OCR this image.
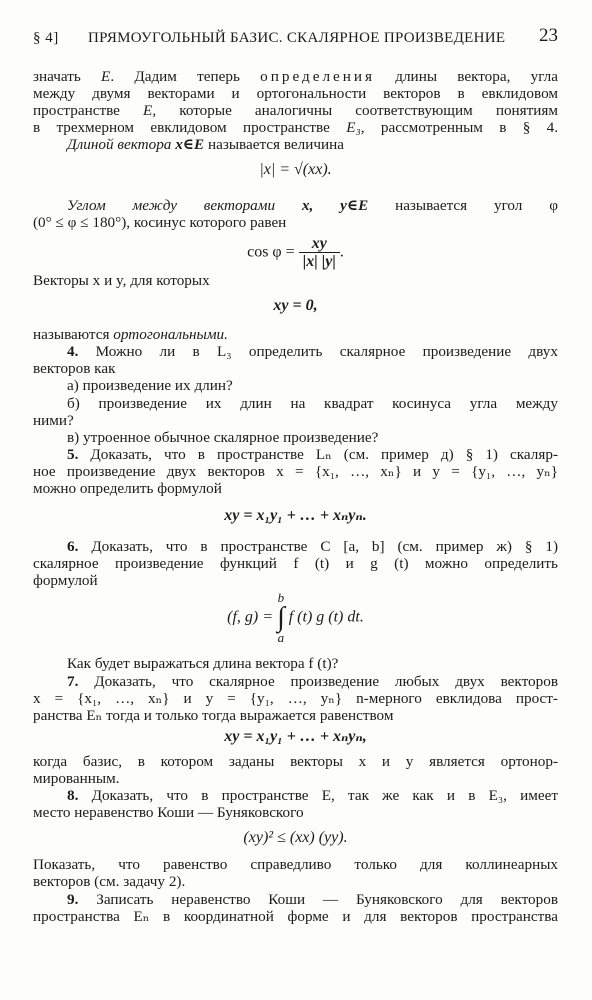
§ 4] ПРЯМОУГОЛЬНЫЙ БАЗИС. СКАЛЯРНОЕ ПРОИЗВЕДЕНИЕ 23

значать E. Дадим теперь определения длины вектора, угла

между двумя векторами и ортогональности векторов в евклидовом

пространстве E, которые аналогичны соответствующим понятиям

в трехмерном евклидовом пространстве E₃, рассмотренным в § 4.

Длиной вектора x∈E называется величина

|x| = √(xx).

Углом между векторами x, y∈E называется угол φ

(0° ≤ φ ≤ 180°), косинус которого равен

$\cos \varphi = \frac{xy}{|x| |y|}$ .

Векторы x и y, для которых

xy = 0,

называются ортогональными.

4. Можно ли в L₃ определить скалярное произведение двух

векторов как

а) произведение их длин?

б) произведение их длин на квадрат косинуса угла между

ними?

в) утроенное обычное скалярное произведение?

5. Доказать, что в пространстве Lₙ (см. пример д) § 1) скаляр-

ное произведение двух векторов x = {x₁, …, xₙ} и y = {y₁, …, yₙ}

можно определить формулой

xy = x₁y₁ + … + xₙyₙ.

6. Доказать, что в пространстве C [a, b] (см. пример ж) § 1)

скалярное произведение функций f (t) и g (t) можно определить

формулой

(f, g) = b
∫
a f (t) g (t) dt.

Как будет выражаться длина вектора f (t)?

7. Доказать, что скалярное произведение любых двух векторов

x = {x₁, …, xₙ} и y = {y₁, …, yₙ} n-мерного евклидова прост-

ранства Eₙ тогда и только тогда выражается равенством

xy = x₁y₁ + … + xₙyₙ,

когда базис, в котором заданы векторы x и y является ортонор-

мированным.

8. Доказать, что в пространстве E, так же как и в E₃, имеет

место неравенство Коши — Буняковского

(xy)² ≤ (xx) (yy).

Показать, что равенство справедливо только для коллинеарных

векторов (см. задачу 2).

9. Записать неравенство Коши — Буняковского для векторов

пространства Eₙ в координатной форме и для векторов пространства
